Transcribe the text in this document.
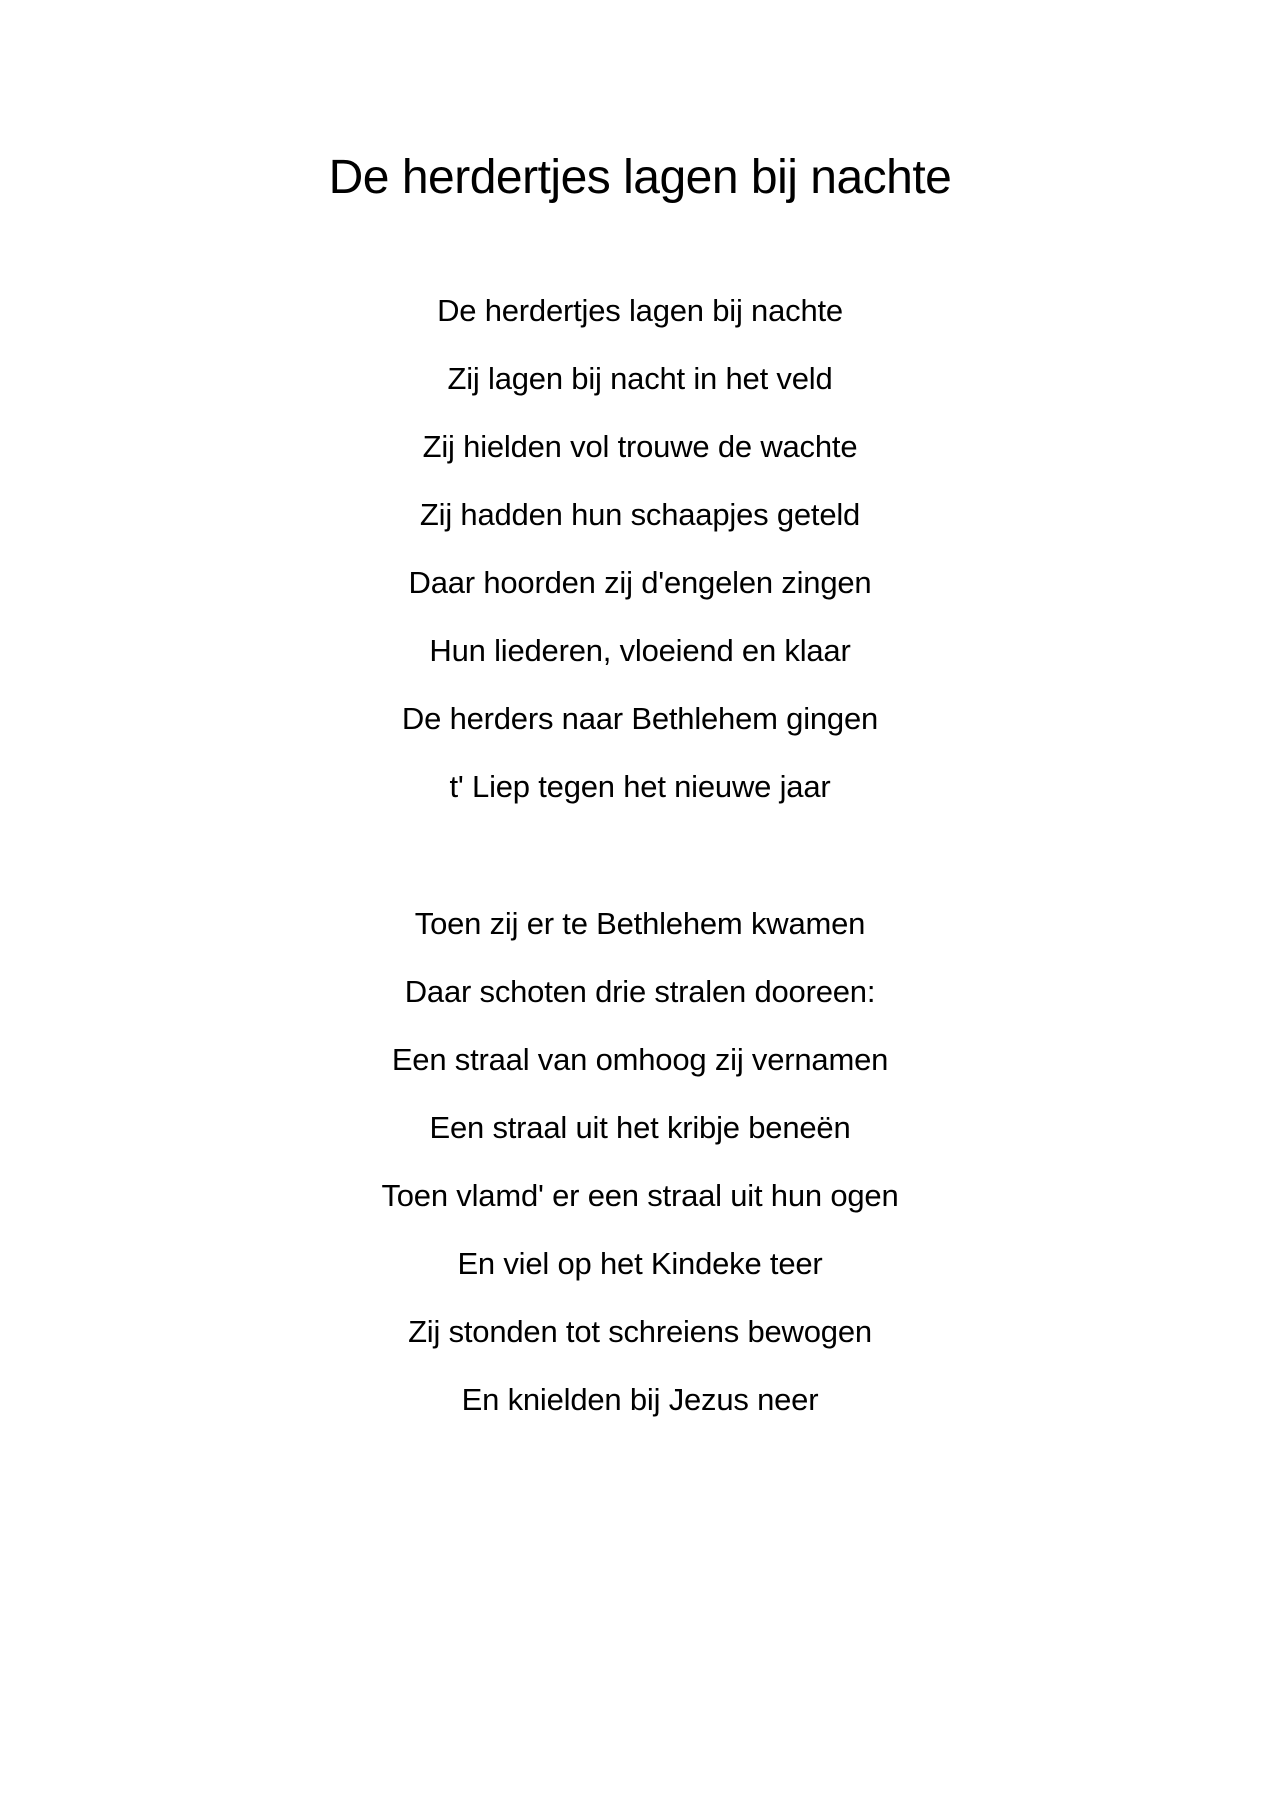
De herdertjes lagen bij nachte
De herdertjes lagen bij nachte
Zij lagen bij nacht in het veld
Zij hielden vol trouwe de wachte
Zij hadden hun schaapjes geteld
Daar hoorden zij d'engelen zingen
Hun liederen, vloeiend en klaar
De herders naar Bethlehem gingen
t' Liep tegen het nieuwe jaar
Toen zij er te Bethlehem kwamen
Daar schoten drie stralen dooreen:
Een straal van omhoog zij vernamen
Een straal uit het kribje beneën
Toen vlamd' er een straal uit hun ogen
En viel op het Kindeke teer
Zij stonden tot schreiens bewogen
En knielden bij Jezus neer
